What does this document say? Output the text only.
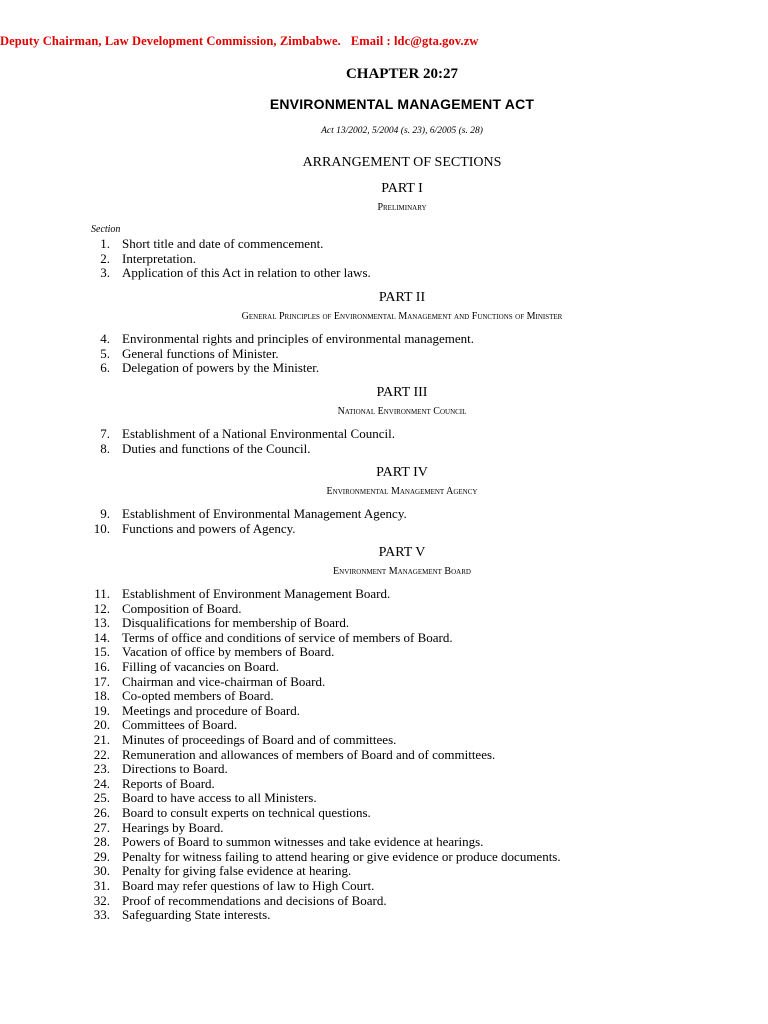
Deputy Chairman, Law Development Commission, Zimbabwe. Email : ldc@gta.gov.zw
CHAPTER 20:27
ENVIRONMENTAL MANAGEMENT ACT
Act 13/2002, 5/2004 (s. 23), 6/2005 (s. 28)
ARRANGEMENT OF SECTIONS
PART I
Preliminary
Section
PART II
General Principles of Environmental Management and Functions of Minister
PART III
National Environment Council
PART IV
Environmental Management Agency
PART V
Environment Management Board
1. Short title and date of commencement.
2. Interpretation.
3. Application of this Act in relation to other laws.
4. Environmental rights and principles of environmental management.
5. General functions of Minister.
6. Delegation of powers by the Minister.
7. Establishment of a National Environmental Council.
8. Duties and functions of the Council.
9. Establishment of Environmental Management Agency.
10. Functions and powers of Agency.
11. Establishment of Environment Management Board.
12. Composition of Board.
13. Disqualifications for membership of Board.
14. Terms of office and conditions of service of members of Board.
15. Vacation of office by members of Board.
16. Filling of vacancies on Board.
17. Chairman and vice-chairman of Board.
18. Co-opted members of Board.
19. Meetings and procedure of Board.
20. Committees of Board.
21. Minutes of proceedings of Board and of committees.
22. Remuneration and allowances of members of Board and of committees.
23. Directions to Board.
24. Reports of Board.
25. Board to have access to all Ministers.
26. Board to consult experts on technical questions.
27. Hearings by Board.
28. Powers of Board to summon witnesses and take evidence at hearings.
29. Penalty for witness failing to attend hearing or give evidence or produce documents.
30. Penalty for giving false evidence at hearing.
31. Board may refer questions of law to High Court.
32. Proof of recommendations and decisions of Board.
33. Safeguarding State interests.
